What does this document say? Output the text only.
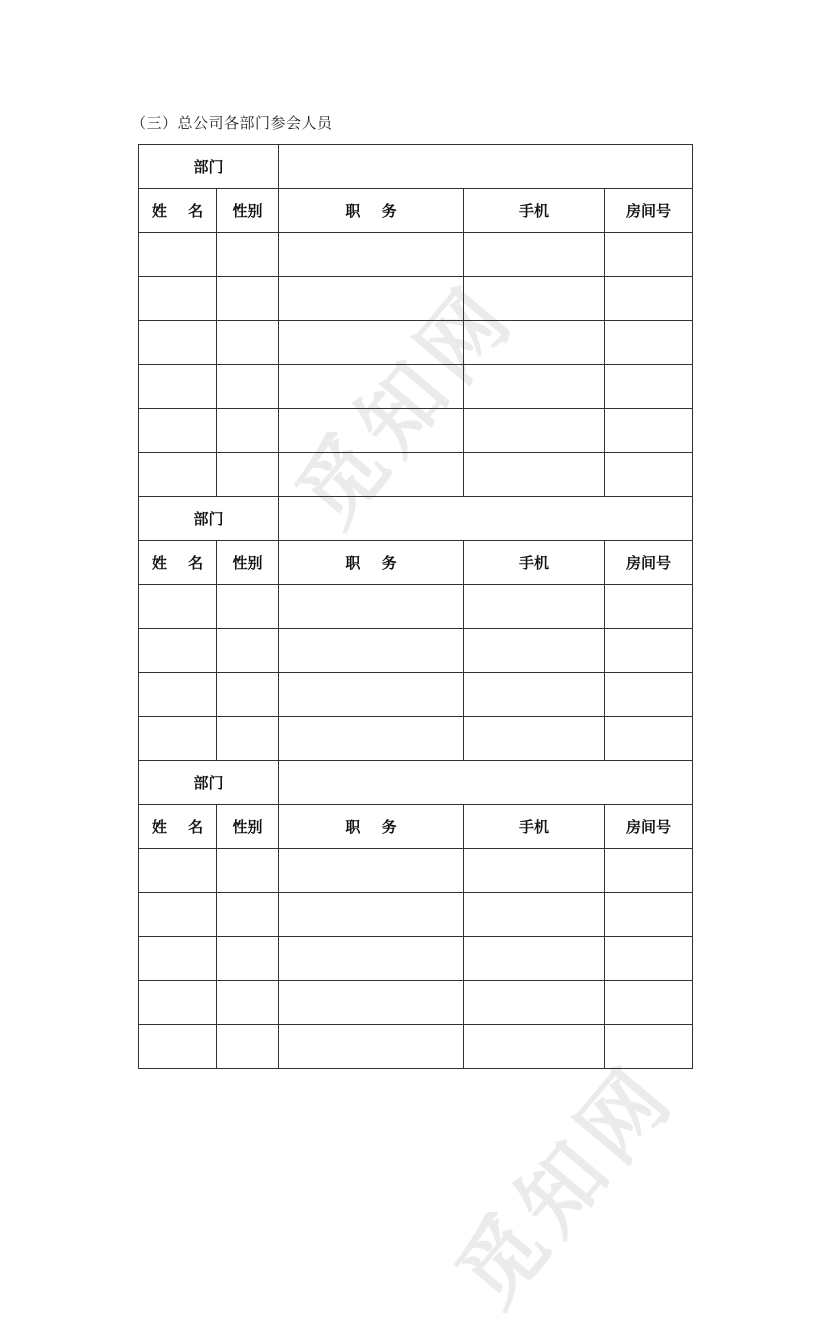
觅知网
觅知网
（三）总公司各部门参会人员
部门				
姓 名	性别	职 务	手机	房间号

部门				
姓 名	性别	职 务	手机	房间号

部门				
姓 名	性别	职 务	手机	房间号
